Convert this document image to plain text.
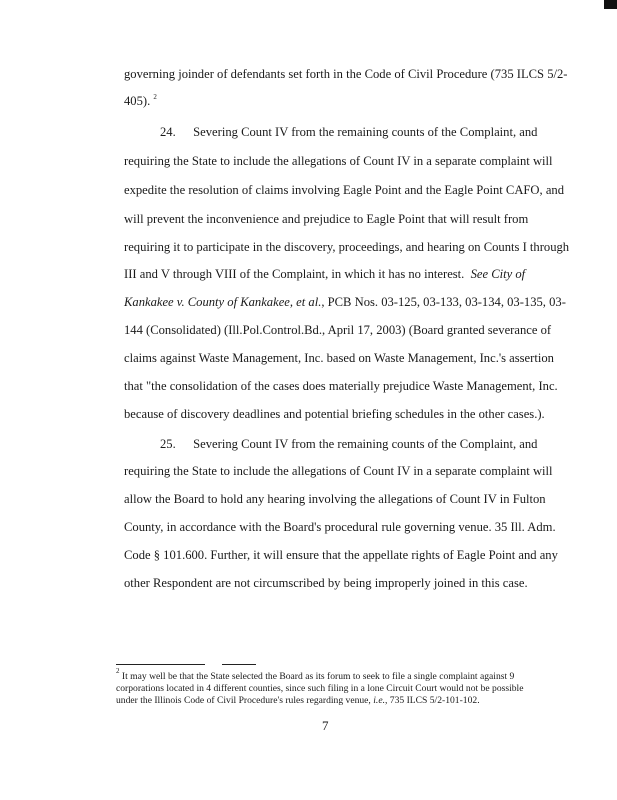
governing joinder of defendants set forth in the Code of Civil Procedure (735 ILCS 5/2-
405). $^2$
24. Severing Count IV from the remaining counts of the Complaint, and
requiring the State to include the allegations of Count IV in a separate complaint will
expedite the resolution of claims involving Eagle Point and the Eagle Point CAFO, and
will prevent the inconvenience and prejudice to Eagle Point that will result from
requiring it to participate in the discovery, proceedings, and hearing on Counts I through
III and V through VIII of the Complaint, in which it has no interest. See City of
Kankakee v. County of Kankakee, et al., PCB Nos. 03-125, 03-133, 03-134, 03-135, 03-
144 (Consolidated) (Ill.Pol.Control.Bd., April 17, 2003) (Board granted severance of
claims against Waste Management, Inc. based on Waste Management, Inc.'s assertion
that "the consolidation of the cases does materially prejudice Waste Management, Inc.
because of discovery deadlines and potential briefing schedules in the other cases.).
25. Severing Count IV from the remaining counts of the Complaint, and
requiring the State to include the allegations of Count IV in a separate complaint will
allow the Board to hold any hearing involving the allegations of Count IV in Fulton
County, in accordance with the Board's procedural rule governing venue. 35 Ill. Adm.
Code § 101.600. Further, it will ensure that the appellate rights of Eagle Point and any
other Respondent are not circumscribed by being improperly joined in this case.
$^2$ It may well be that the State selected the Board as its forum to seek to file a single complaint against 9
corporations located in 4 different counties, since such filing in a lone Circuit Court would not be possible
under the Illinois Code of Civil Procedure's rules regarding venue, i.e., 735 ILCS 5/2-101-102.
7
